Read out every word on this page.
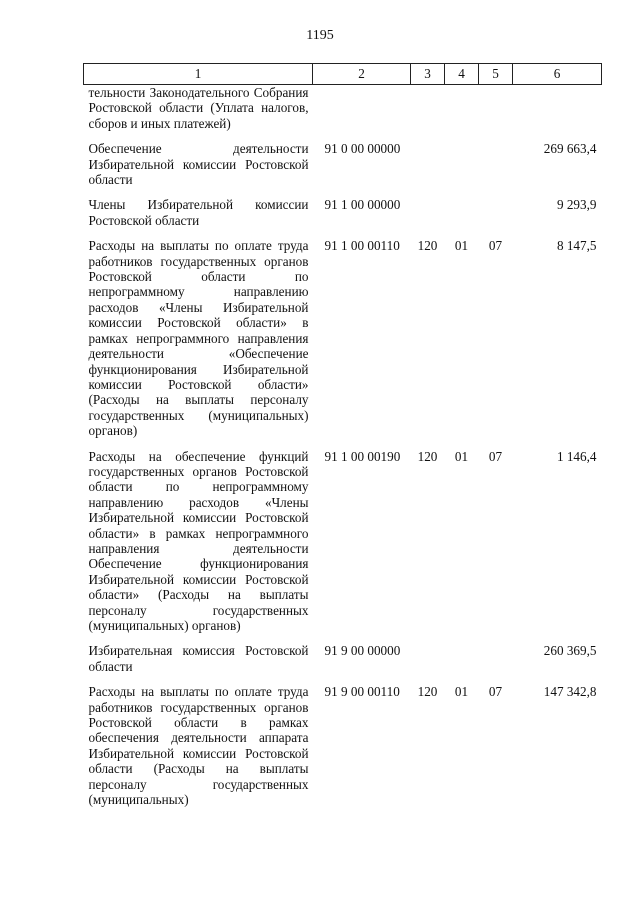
1195
1	2	3	4	5	6

тельности Законодательного Собрания Ростовской области (Уплата налогов, сборов и иных платежей)					

Обеспечение деятельности Избирательной комиссии Ростовской области	91 0 00 00000				269 663,4

Члены Избирательной комиссии Ростовской области	91 1 00 00000				9 293,9

Расходы на выплаты по оплате труда работников государственных органов Ростовской области по непрограммному направлению расходов «Члены Избирательной комиссии Ростовской области» в рамках непрограммного направления деятельности «Обеспечение функционирования Избирательной комиссии Ростовской области» (Расходы на выплаты персоналу государственных (муниципальных) органов)	91 1 00 00110	120	01	07	8 147,5

Расходы на обеспечение функций государственных органов Ростовской области по непрограммному направлению расходов «Члены Избирательной комиссии Ростовской области» в рамках непрограммного направления деятельности Обеспечение функционирования Избирательной комиссии Ростовской области» (Расходы на выплаты персоналу государственных (муниципальных) органов)	91 1 00 00190	120	01	07	1 146,4

Избирательная комиссия Ростовской области	91 9 00 00000				260 369,5

Расходы на выплаты по оплате труда работников государственных органов Ростовской области в рамках обеспечения деятельности аппарата Избирательной комиссии Ростовской области (Расходы на выплаты персоналу государственных (муниципальных)	91 9 00 00110	120	01	07	147 342,8
